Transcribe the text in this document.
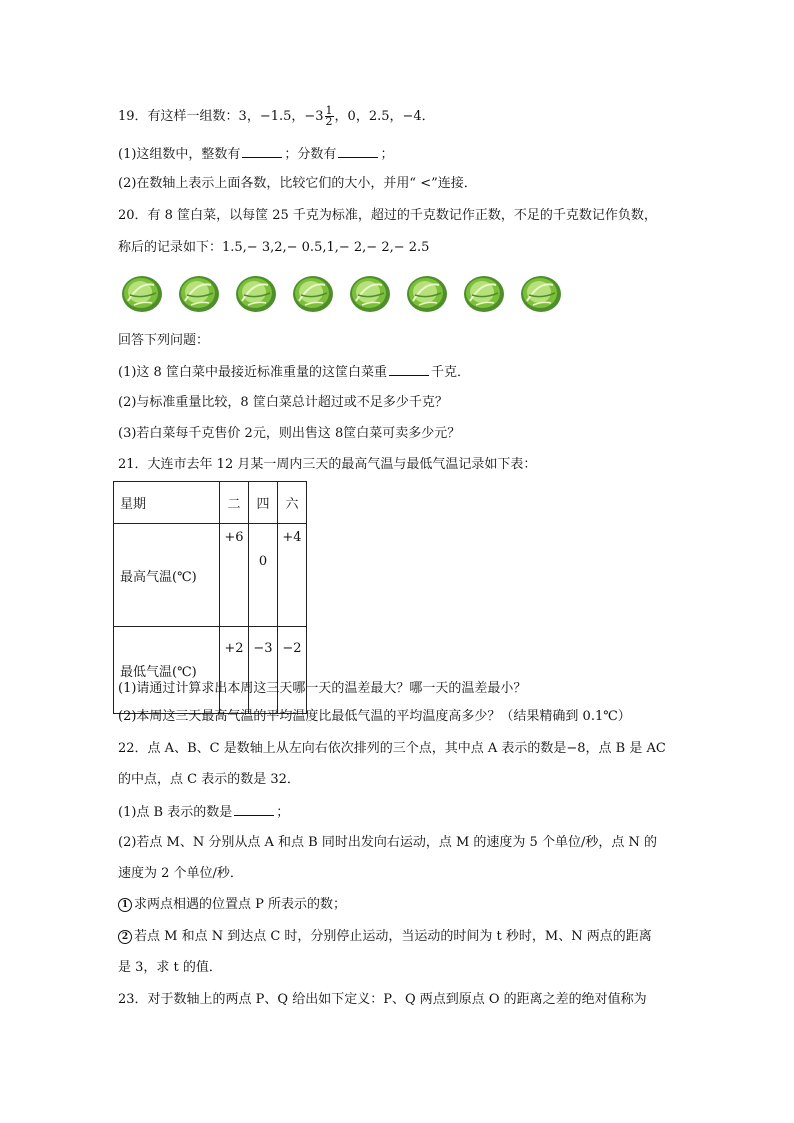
19．有这样一组数：3，−1.5，$-3 \frac{1}{2}$ ，0，2.5，−4．
(1)这组数中，整数有	；分数有	；
(2)在数轴上表示上面各数，比较它们的大小，并用“ <”连接．
20．有 8 筐白菜，以每筐 25 千克为标准，超过的千克数记作正数，不足的千克数记作负数，
称后的记录如下：1.5,− 3,2,− 0.5,1,− 2,− 2,− 2.5
回答下列问题：
(1)这 8 筐白菜中最接近标准重量的这筐白菜重	千克．
(2)与标准重量比较，8 筐白菜总计超过或不足多少千克？
(3)若白菜每千克售价 2元，则出售这 8筐白菜可卖多少元？
21．大连市去年 12 月某一周内三天的最高气温与最低气温记录如下表：
星期	二	四	六
最高气温(℃)	+6	0	+4
最低气温(℃)	+2	−3	−2
(1)请通过计算求出本周这三天哪一天的温差最大？哪一天的温差最小？
(2)本周这三天最高气温的平均温度比最低气温的平均温度高多少？（结果精确到 0.1℃）
22．点 A、B、C 是数轴上从左向右依次排列的三个点，其中点 A 表示的数是−8，点 B 是 AC
的中点，点 C 表示的数是 32．
(1)点 B 表示的数是	；
(2)若点 M、N 分别从点 A 和点 B 同时出发向右运动，点 M 的速度为 5 个单位/秒，点 N 的
速度为 2 个单位/秒．
1 求两点相遇的位置点 P 所表示的数；
2 若点 M 和点 N 到达点 C 时，分别停止运动，当运动的时间为 t 秒时，M、N 两点的距离
是 3，求 t 的值．
23．对于数轴上的两点 P、Q 给出如下定义：P、Q 两点到原点 O 的距离之差的绝对值称为
